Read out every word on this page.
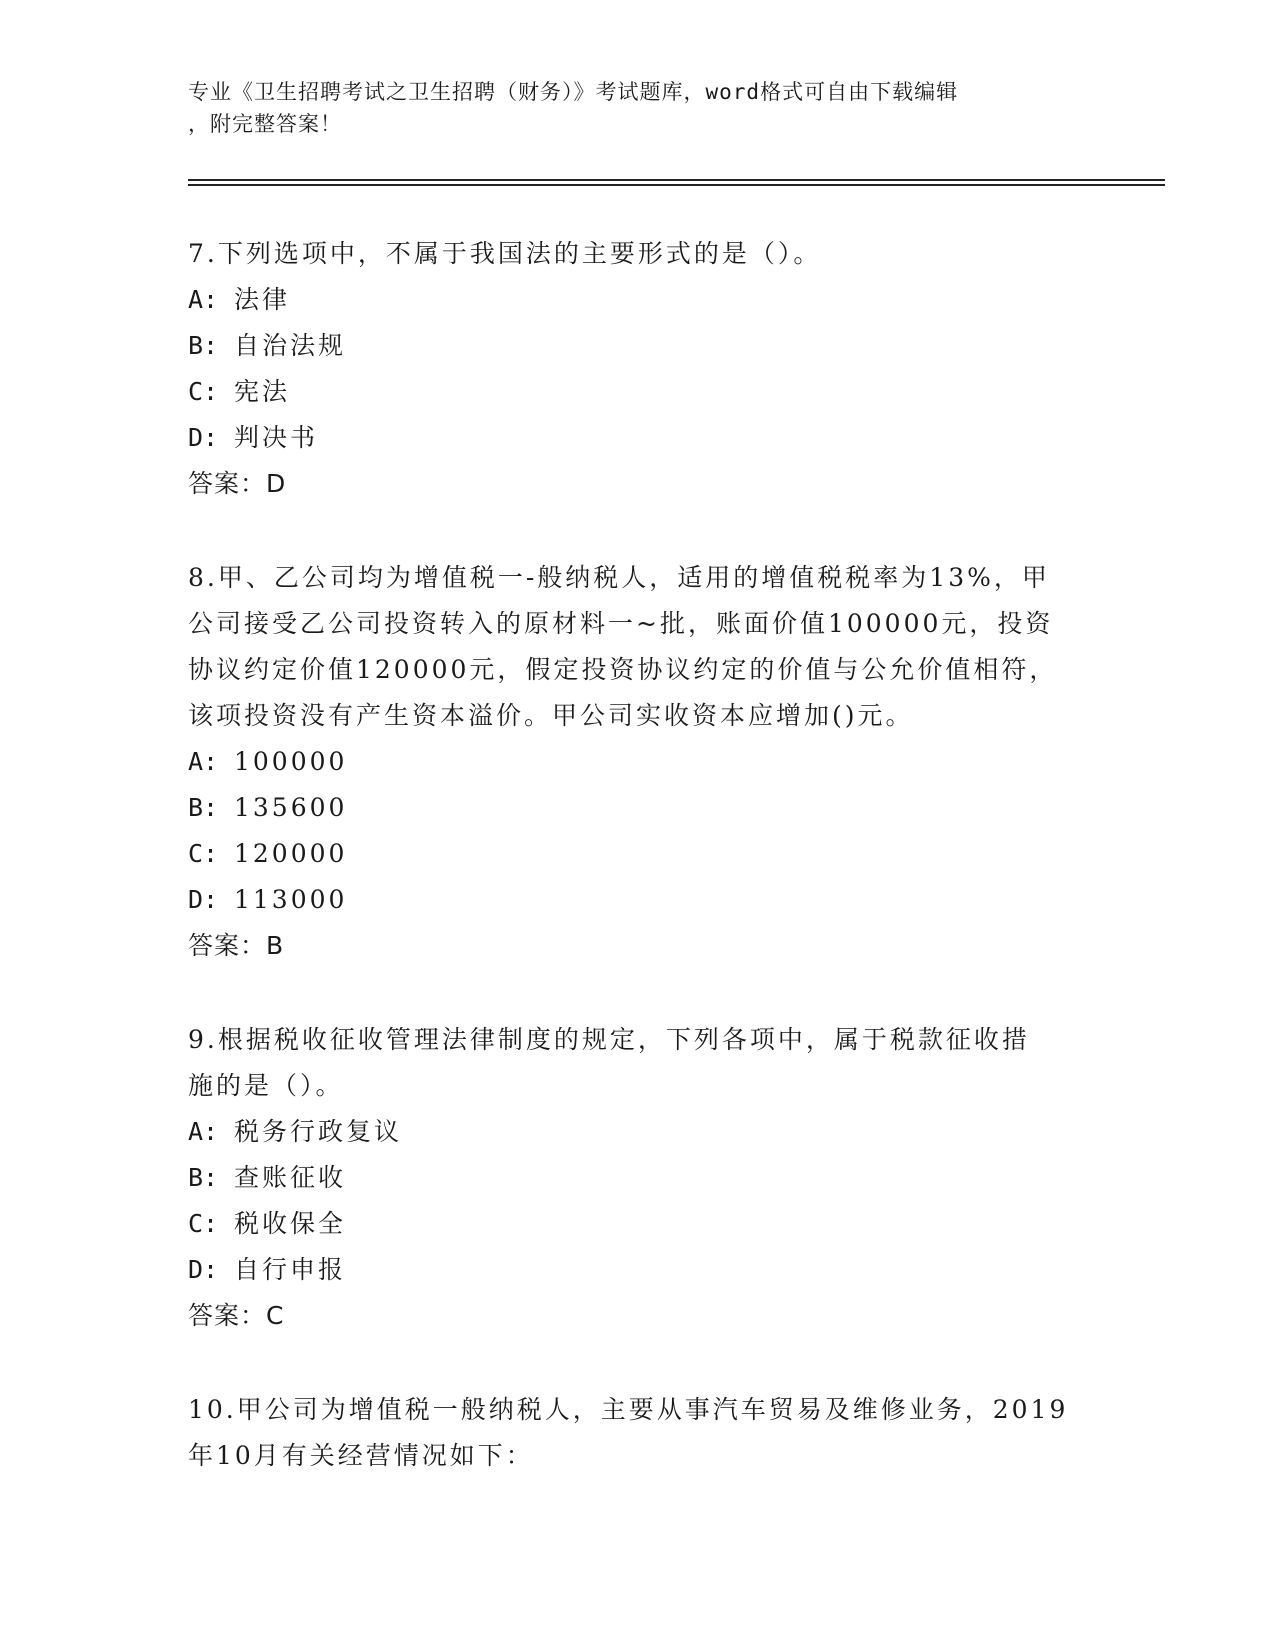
专业《卫生招聘考试之卫生招聘（财务）》考试题库，word格式可自由下载编辑
，附完整答案！
7.下列选项中，不属于我国法的主要形式的是（）。
A: 法律
B: 自治法规
C: 宪法
D: 判决书
答案：D
8.甲、乙公司均为增值税一-般纳税人，适用的增值税税率为13%，甲
公司接受乙公司投资转入的原材料一~批，账面价值100000元，投资
协议约定价值120000元，假定投资协议约定的价值与公允价值相符，
该项投资没有产生资本溢价。甲公司实收资本应增加()元。
A: 100000
B: 135600
C: 120000
D: 113000
答案：B
9.根据税收征收管理法律制度的规定，下列各项中，属于税款征收措
施的是（）。
A: 税务行政复议
B: 查账征收
C: 税收保全
D: 自行申报
答案：C
10.甲公司为增值税一般纳税人，主要从事汽车贸易及维修业务，2019
年10月有关经营情况如下：
